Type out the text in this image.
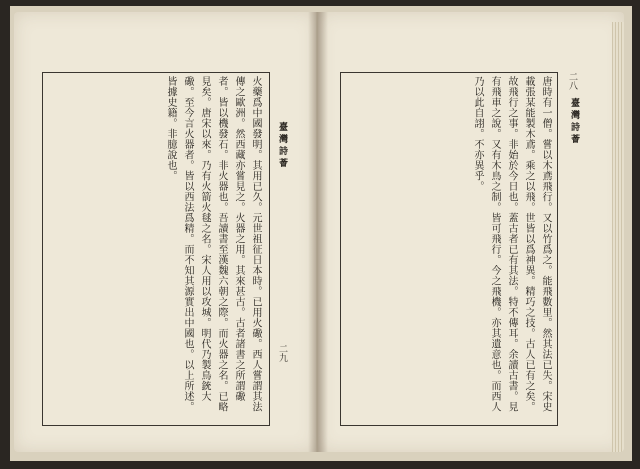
臺灣詩薈
二九
火藥爲中國發明。其用已久。元世祖征日本時。已用火礮。西人嘗謂其法傳之歐洲。然西藏亦嘗見之。火器之用。其來甚古。古者諸書之所謂礮者。皆以機發石。非火器也。吾讀書至漢魏六朝之際。而火器之名。已略見矣。唐宋以來。乃有火箭火毬之名。宋人用以攻城。明代乃製鳥銃大礮。至今言火器者。皆以西法爲精。而不知其源實出中國也。以上所述。皆據史籍。非臆說也。	臺灣詩薈
二八
唐時有一僧。嘗以木鳶飛行。又以竹爲之。能飛數里。然其法已失。宋史載張某能製木鳶。乘之以飛。世皆以爲神異。精巧之技。古人已有之矣。故飛行之事。非始於今日也。蓋古者已有其法。特不傳耳。余讀古書。見有飛車之說。又有木鳥之制。皆可飛行。今之飛機。亦其遺意也。而西人乃以此自詡。不亦異乎。
